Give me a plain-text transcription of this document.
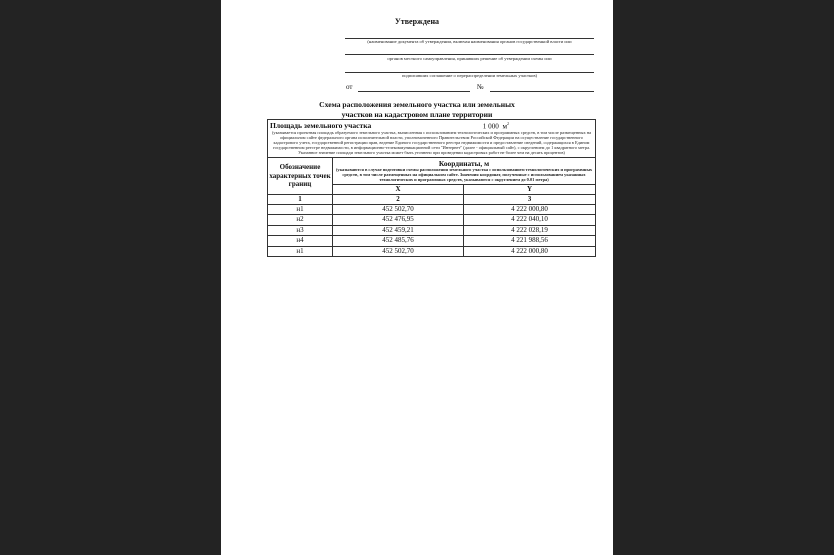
Утверждена
(наименование документа об утверждении, включая наименования органов государственной власти или
органов местного самоуправления, принявших решение об утверждении схемы или
подписавших соглашение о перераспределении земельных участков)
от	№
Схема расположения земельного участка или земельных
участков на кадастровом плане территории
Площадь земельного участка 1 000 $м^2$
(указывается проектная площадь образуемого земельного участка, вычисленная с использованием технологических и программных средств, в том числе размещенных на официальном сайте федерального органа исполнительной власти, уполномоченного Правительством Российской Федерации на осуществление государственного кадастрового учета, государственной регистрации прав, ведение Единого государственного реестра недвижимости и предоставление сведений, содержащихся в Едином государственном реестре недвижимости, в информационно-телекоммуникационной сети "Интернет" (далее - официальный сайт), с округлением до 1 квадратного метра. Указанное значение площади земельного участка может быть уточнено при проведении кадастровых работ не более чем на десять процентов)		

Обозначение характерных точек границ	Координаты, м
(указываются в случае подготовки схемы расположения земельного участка с использованием технологических и программных средств, в том числе размещенных на официальном сайте. Значения координат, полученные с использованием указанных технологических и программных средств, указываются с округлением до 0.01 метра)	

	X	Y
1	2	3
н1	452 502,70	4 222 000,80
н2	452 476,95	4 222 040,10
н3	452 459,21	4 222 028,19
н4	452 485,76	4 221 988,56
н1	452 502,70	4 222 000,80
